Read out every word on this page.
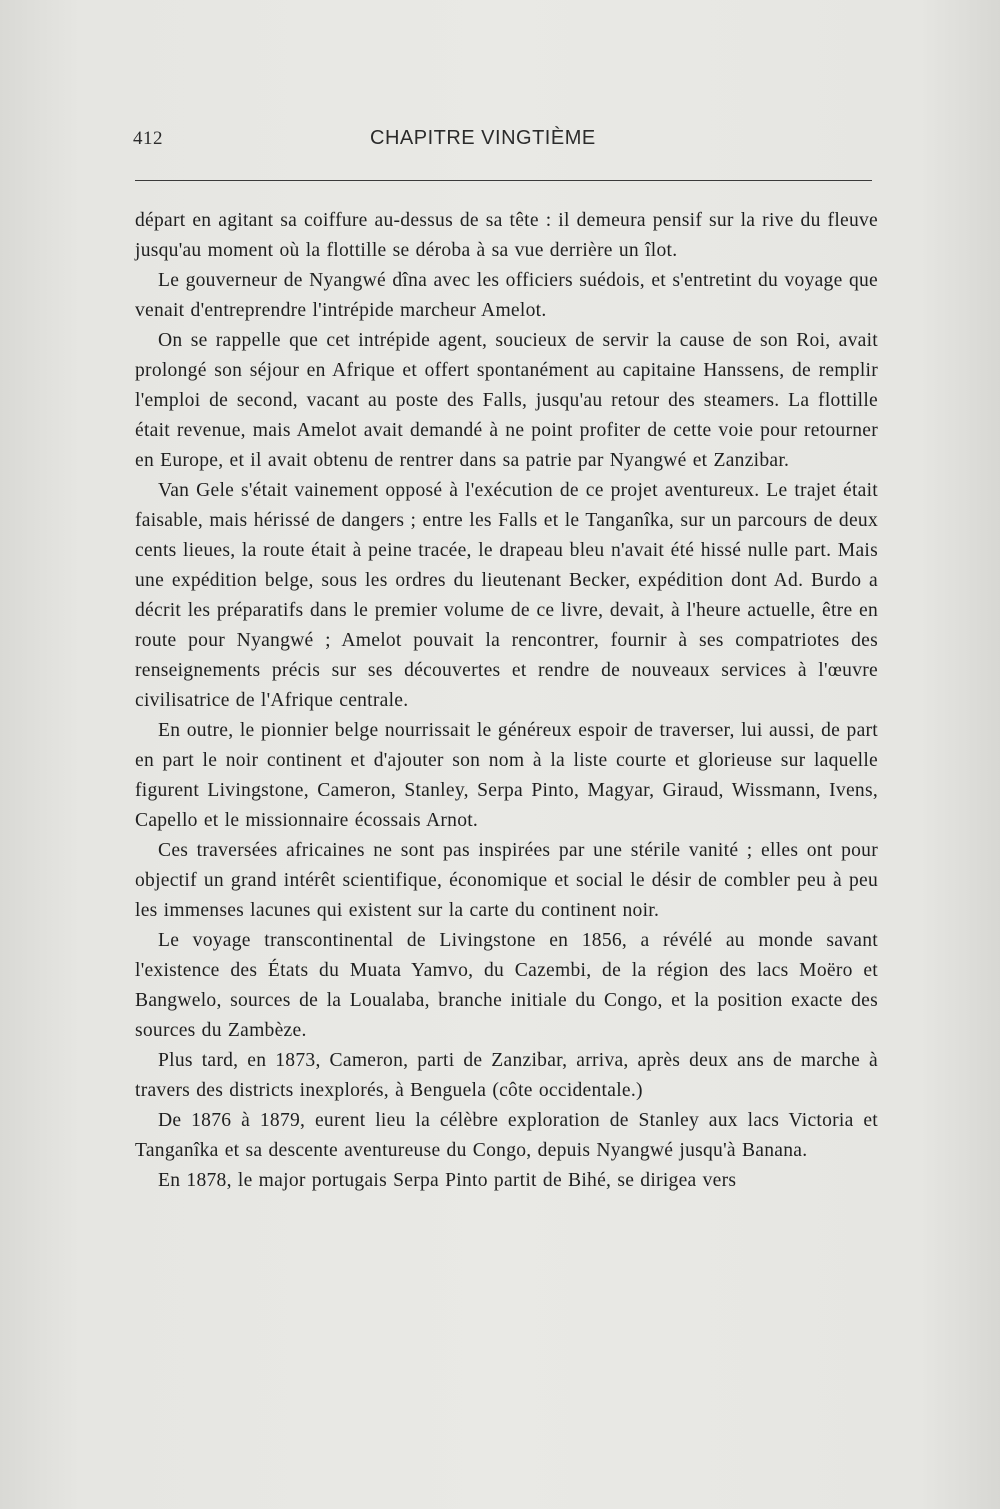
412	CHAPITRE VINGTIÈME

départ en agitant sa coiffure au-dessus de sa tête : il demeura pensif sur la rive du fleuve jusqu'au moment où la flottille se déroba à sa vue derrière un îlot.

Le gouverneur de Nyangwé dîna avec les officiers suédois, et s'entretint du voyage que venait d'entreprendre l'intrépide marcheur Amelot.

On se rappelle que cet intrépide agent, soucieux de servir la cause de son Roi, avait prolongé son séjour en Afrique et offert spontanément au capitaine Hanssens, de remplir l'emploi de second, vacant au poste des Falls, jusqu'au retour des steamers. La flottille était revenue, mais Amelot avait demandé à ne point profiter de cette voie pour retourner en Europe, et il avait obtenu de rentrer dans sa patrie par Nyangwé et Zanzibar.

Van Gele s'était vainement opposé à l'exécution de ce projet aventureux. Le trajet était faisable, mais hérissé de dangers ; entre les Falls et le Tanganîka, sur un parcours de deux cents lieues, la route était à peine tracée, le drapeau bleu n'avait été hissé nulle part. Mais une expédition belge, sous les ordres du lieutenant Becker, expédition dont Ad. Burdo a décrit les préparatifs dans le premier volume de ce livre, devait, à l'heure actuelle, être en route pour Nyangwé ; Amelot pouvait la rencontrer, fournir à ses compatriotes des renseignements précis sur ses découvertes et rendre de nouveaux services à l'œuvre civilisatrice de l'Afrique centrale.

En outre, le pionnier belge nourrissait le généreux espoir de traverser, lui aussi, de part en part le noir continent et d'ajouter son nom à la liste courte et glorieuse sur laquelle figurent Livingstone, Cameron, Stanley, Serpa Pinto, Magyar, Giraud, Wissmann, Ivens, Capello et le missionnaire écossais Arnot.

Ces traversées africaines ne sont pas inspirées par une stérile vanité ; elles ont pour objectif un grand intérêt scientifique, économique et social le désir de combler peu à peu les immenses lacunes qui existent sur la carte du continent noir.

Le voyage transcontinental de Livingstone en 1856, a révélé au monde savant l'existence des États du Muata Yamvo, du Cazembi, de la région des lacs Moëro et Bangwelo, sources de la Loualaba, branche initiale du Congo, et la position exacte des sources du Zambèze.

Plus tard, en 1873, Cameron, parti de Zanzibar, arriva, après deux ans de marche à travers des districts inexplorés, à Benguela (côte occidentale.)

De 1876 à 1879, eurent lieu la célèbre exploration de Stanley aux lacs Victoria et Tanganîka et sa descente aventureuse du Congo, depuis Nyangwé jusqu'à Banana.

En 1878, le major portugais Serpa Pinto partit de Bihé, se dirigea vers
